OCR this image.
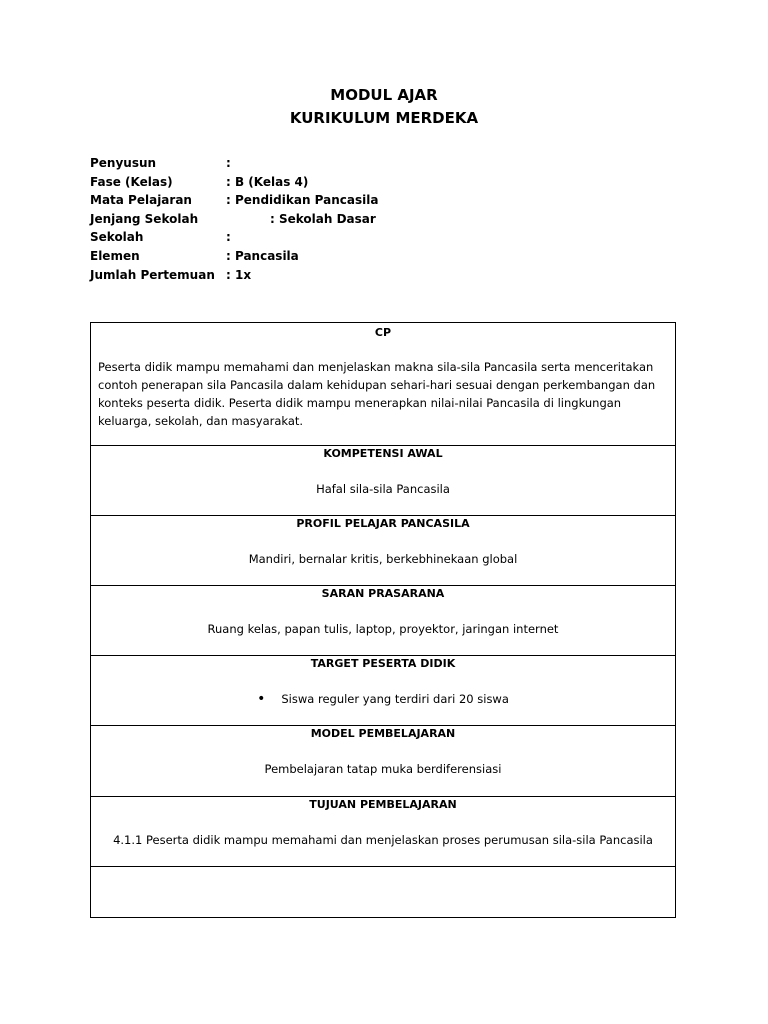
MODUL AJAR
KURIKULUM MERDEKA
Penyusun	:
Fase (Kelas)	: B (Kelas 4)
Mata Pelajaran	: Pendidikan Pancasila
Jenjang Sekolah	: Sekolah Dasar
Sekolah	:
Elemen	: Pancasila
Jumlah Pertemuan : 1x
CP
Peserta didik mampu memahami dan menjelaskan makna sila-sila Pancasila serta menceritakan contoh penerapan sila Pancasila dalam kehidupan sehari-hari sesuai dengan perkembangan dan konteks peserta didik. Peserta didik mampu menerapkan nilai-nilai Pancasila di lingkungan keluarga, sekolah, dan masyarakat.
KOMPETENSI AWAL
Hafal sila-sila Pancasila
PROFIL PELAJAR PANCASILA
Mandiri, bernalar kritis, berkebhinekaan global
SARAN PRASARANA
Ruang kelas, papan tulis, laptop, proyektor, jaringan internet
TARGET PESERTA DIDIK
• Siswa reguler yang terdiri dari 20 siswa
MODEL PEMBELAJARAN
Pembelajaran tatap muka berdiferensiasi
TUJUAN PEMBELAJARAN
4.1.1 Peserta didik mampu memahami dan menjelaskan proses perumusan sila-sila Pancasila
